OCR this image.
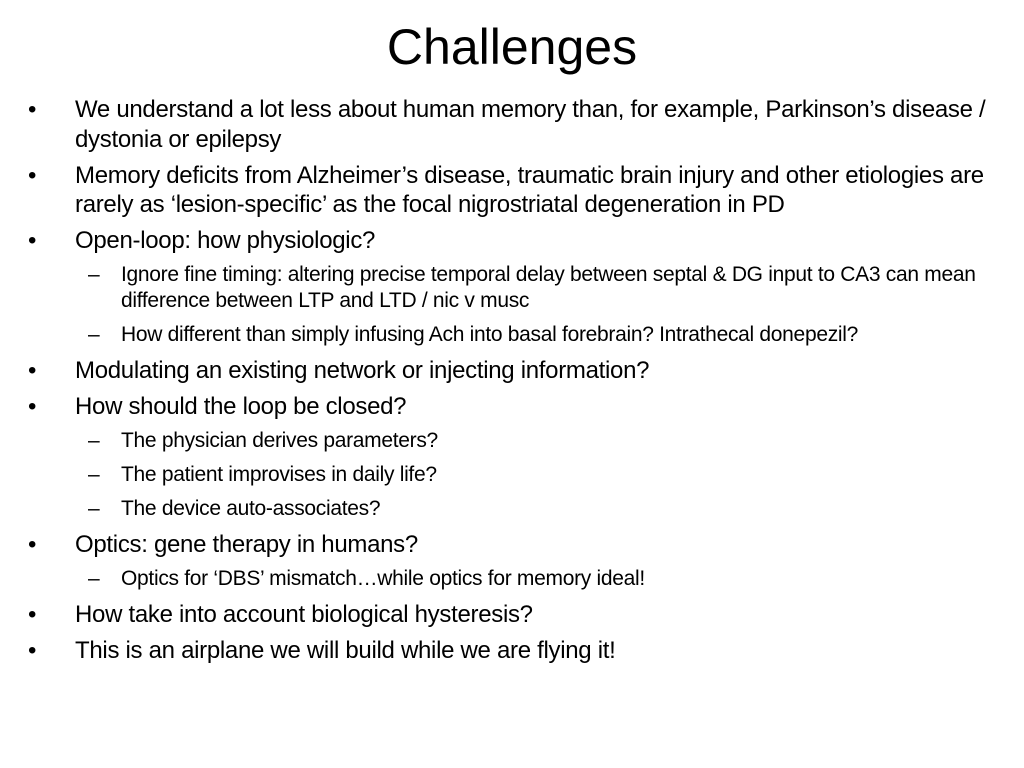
Challenges
•	We understand a lot less about human memory than, for example, Parkinson’s disease / dystonia or epilepsy
•	Memory deficits from Alzheimer’s disease, traumatic brain injury and other etiologies are rarely as ‘lesion-specific’ as the focal nigrostriatal degeneration in PD
•	Open-loop: how physiologic?
–	Ignore fine timing: altering precise temporal delay between septal & DG input to CA3 can mean difference between LTP and LTD / nic v musc
–	How different than simply infusing Ach into basal forebrain? Intrathecal donepezil?
•	Modulating an existing network or injecting information?
•	How should the loop be closed?
–	The physician derives parameters?
–	The patient improvises in daily life?
–	The device auto-associates?
•	Optics: gene therapy in humans?
–	Optics for ‘DBS’ mismatch…while optics for memory ideal!
•	How take into account biological hysteresis?
•	This is an airplane we will build while we are flying it!
